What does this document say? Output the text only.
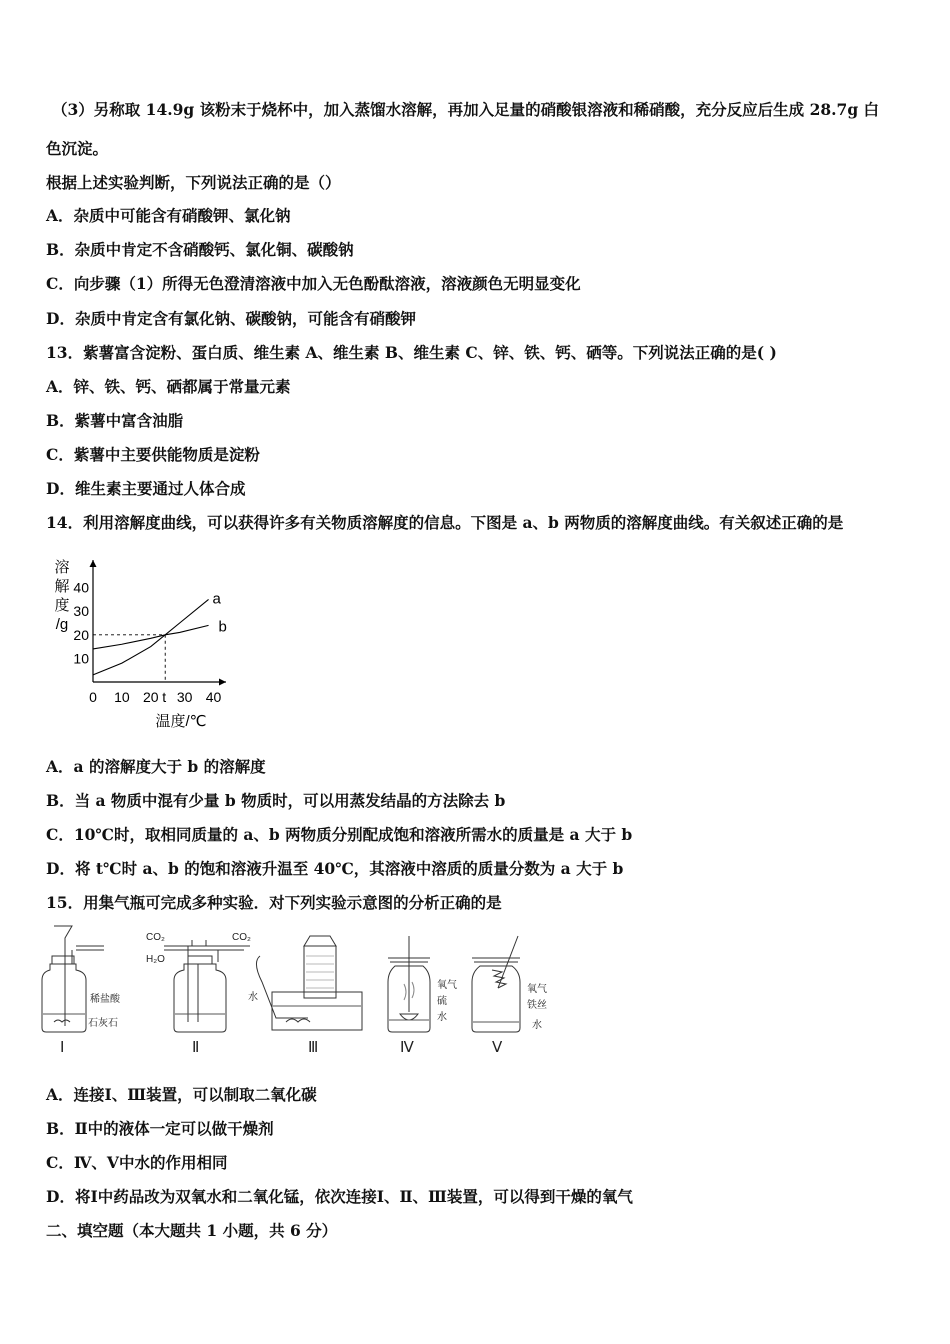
（3）另称取 14.9g 该粉末于烧杯中，加入蒸馏水溶解，再加入足量的硝酸银溶液和稀硝酸，充分反应后生成 28.7g 白
色沉淀。
根据上述实验判断，下列说法正确的是（）
A．杂质中可能含有硝酸钾、氯化钠
B．杂质中肯定不含硝酸钙、氯化铜、碳酸钠
C．向步骤（1）所得无色澄清溶液中加入无色酚酞溶液，溶液颜色无明显变化
D．杂质中肯定含有氯化钠、碳酸钠，可能含有硝酸钾
13．紫薯富含淀粉、蛋白质、维生素 A、维生素 B、维生素 C、锌、铁、钙、硒等。下列说法正确的是( )
A．锌、铁、钙、硒都属于常量元素
B．紫薯中富含油脂
C．紫薯中主要供能物质是淀粉
D．维生素主要通过人体合成
14．利用溶解度曲线，可以获得许多有关物质溶解度的信息。下图是 a、b 两物质的溶解度曲线。有关叙述正确的是
溶
解
度
/g
10
20
30
40
0 10 20 t 30 40
a
b
温度/℃
A．a 的溶解度大于 b 的溶解度
B．当 a 物质中混有少量 b 物质时，可以用蒸发结晶的方法除去 b
C．10℃时，取相同质量的 a、b 两物质分别配成饱和溶液所需水的质量是 a 大于 b
D．将 t℃时 a、b 的饱和溶液升温至 40℃，其溶液中溶质的质量分数为 a 大于 b
15．用集气瓶可完成多种实验．对下列实验示意图的分析正确的是
稀盐酸
石灰石
CO₂
H₂O
CO₂
水
氧气
硫
水
氧气
铁丝
水
Ⅰ	Ⅱ	Ⅲ	Ⅳ	Ⅴ
A．连接Ⅰ、Ⅲ装置，可以制取二氧化碳
B．Ⅱ中的液体一定可以做干燥剂
C．Ⅳ、Ⅴ中水的作用相同
D．将Ⅰ中药品改为双氧水和二氧化锰，依次连接Ⅰ、Ⅱ、Ⅲ装置，可以得到干燥的氧气
二、填空题（本大题共 1 小题，共 6 分）
